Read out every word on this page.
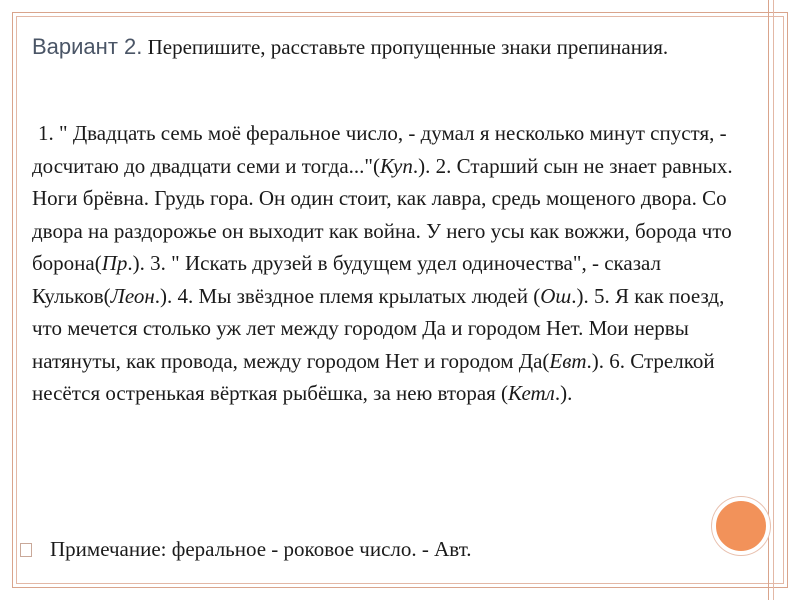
Вариант 2. Перепишите, расставьте пропущенные знаки препинания.
1. " Двадцать семь моё феральное число, - думал я несколько минут спустя, - досчитаю до двадцати семи и тогда..."(Куп.). 2. Старший сын не знает равных. Ноги брёвна. Грудь гора. Он один стоит, как лавра, средь мощеного двора. Со двора на раздорожье он выходит как война. У него усы как вожжи, борода что борона(Пр.). 3. " Искать друзей в будущем удел одиночества", - сказал Кульков(Леон.). 4. Мы звёздное племя крылатых людей (Ош.). 5. Я как поезд, что мечется столько уж лет между городом Да и городом Нет. Мои нервы натянуты, как провода, между городом Нет и городом Да(Евт.). 6. Стрелкой несётся остренькая вёрткая рыбёшка, за нею вторая (Кетл.).
Примечание: феральное - роковое число. - Авт.
